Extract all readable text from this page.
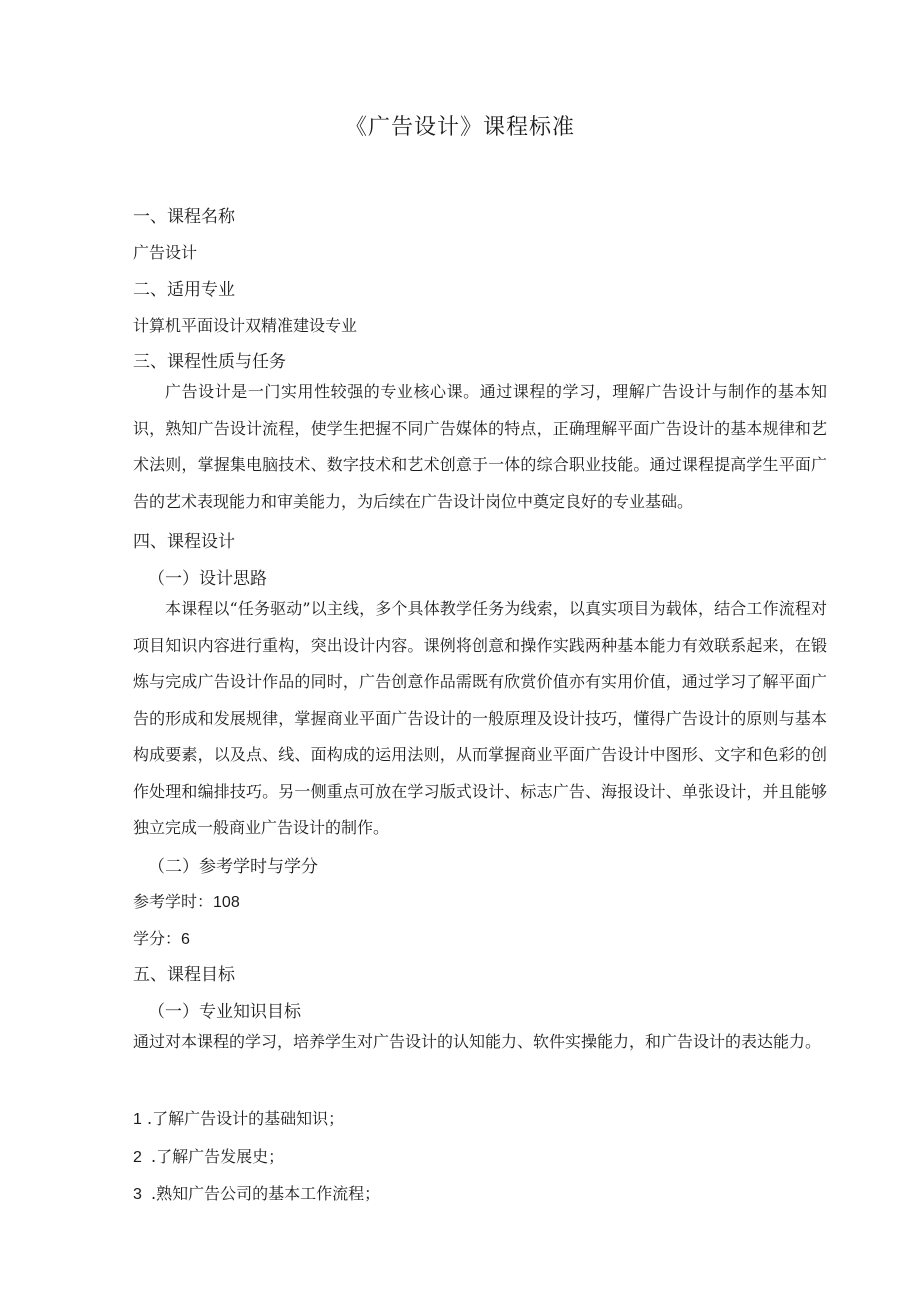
《广告设计》课程标准
一、课程名称
广告设计
二、适用专业
计算机平面设计双精准建设专业
三、课程性质与任务

广告设计是一门实用性较强的专业核心课。通过课程的学习，理解广告设计与制作的基本知识，熟知广告设计流程，使学生把握不同广告媒体的特点，正确理解平面广告设计的基本规律和艺术法则，掌握集电脑技术、数字技术和艺术创意于一体的综合职业技能。通过课程提高学生平面广告的艺术表现能力和审美能力，为后续在广告设计岗位中奠定良好的专业基础。

四、课程设计
（一）设计思路

本课程以“任务驱动”以主线，多个具体教学任务为线索，以真实项目为载体，结合工作流程对项目知识内容进行重构，突出设计内容。课例将创意和操作实践两种基本能力有效联系起来，在锻炼与完成广告设计作品的同时，广告创意作品需既有欣赏价值亦有实用价值，通过学习了解平面广告的形成和发展规律，掌握商业平面广告设计的一般原理及设计技巧，懂得广告设计的原则与基本构成要素，以及点、线、面构成的运用法则，从而掌握商业平面广告设计中图形、文字和色彩的创作处理和编排技巧。另一侧重点可放在学习版式设计、标志广告、海报设计、单张设计，并且能够独立完成一般商业广告设计的制作。

（二）参考学时与学分
参考学时：108
学分：6
五、课程目标
（一）专业知识目标

通过对本课程的学习，培养学生对广告设计的认知能力、软件实操能力，和广告设计的表达能力。

1 .了解广告设计的基础知识；
2 .了解广告发展史；
3 .熟知广告公司的基本工作流程；
